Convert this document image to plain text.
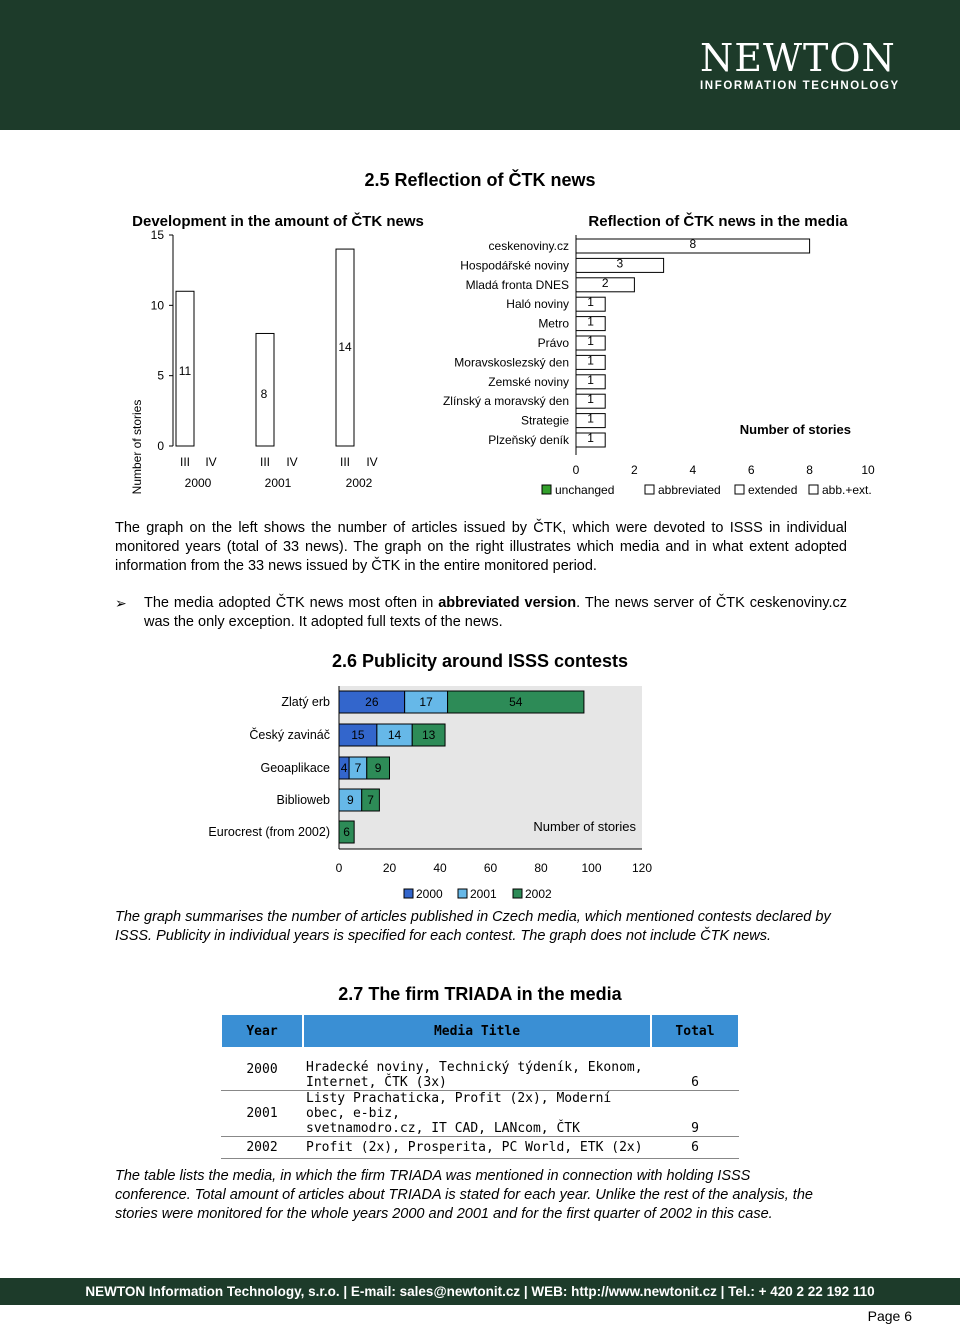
NEWTON
INFORMATION TECHNOLOGY
2.5 Reflection of ČTK news
Development in the amount of ČTK news
Number of stories 0
5
10
15
11
8
14
III IV	III IV	III IV
2000	2001	2002
Reflection of ČTK news in the media
ceskenoviny.cz
Hospodářské noviny
Mladá fronta DNES
Haló noviny
Metro
Právo
Moravskoslezský den
Zemské noviny
Zlínský a moravský den
Strategie
Plzeňský deník
8
3
2
1
1
1
1
1
1
1
1
0	2	4	6	8	10
Number of stories
unchanged	abbreviated extended abb.+ext.
The graph on the left shows the number of articles issued by ČTK, which were devoted to ISSS in individual monitored years (total of 33 news). The graph on the right illustrates which media and in what extent adopted information from the 33 news issued by ČTK in the entire monitored period.
➢ The media adopted ČTK news most often in abbreviated version. The news server of ČTK ceskenoviny.cz was the only exception. It adopted full texts of the news.
2.6 Publicity around ISSS contests
Zlatý erb
Český zavináč
Geoaplikace
Biblioweb
Eurocrest (from 2002)
26	17	54
15 14 13
4 7 9
9 7
6
0	20	40	60	80	100	120
Number of stories
2000 2001 2002
The graph summarises the number of articles published in Czech media, which mentioned contests declared by ISSS. Publicity in individual years is specified for each contest. The graph does not include ČTK news.
2.7 The firm TRIADA in the media
Year	Media Title	Total
2000	Hradecké noviny, Technický týdeník, Ekonom,
Internet, ČTK (3x)	6
2001	Listy Prachaticka, Profit (2x), Moderní obec, e-biz,
svetnamodro.cz, IT CAD, LANcom, ČTK	9
2002	Profit (2x), Prosperita, PC World, ETK (2x)	6
The table lists the media, in which the firm TRIADA was mentioned in connection with holding ISSS conference. Total amount of articles about TRIADA is stated for each year. Unlike the rest of the analysis, the stories were monitored for the whole years 2000 and 2001 and for the first quarter of 2002 in this case.
NEWTON Information Technology, s.r.o. | E-mail: sales@newtonit.cz | WEB: http://www.newtonit.cz | Tel.: + 420 2 22 192 110
Page 6
